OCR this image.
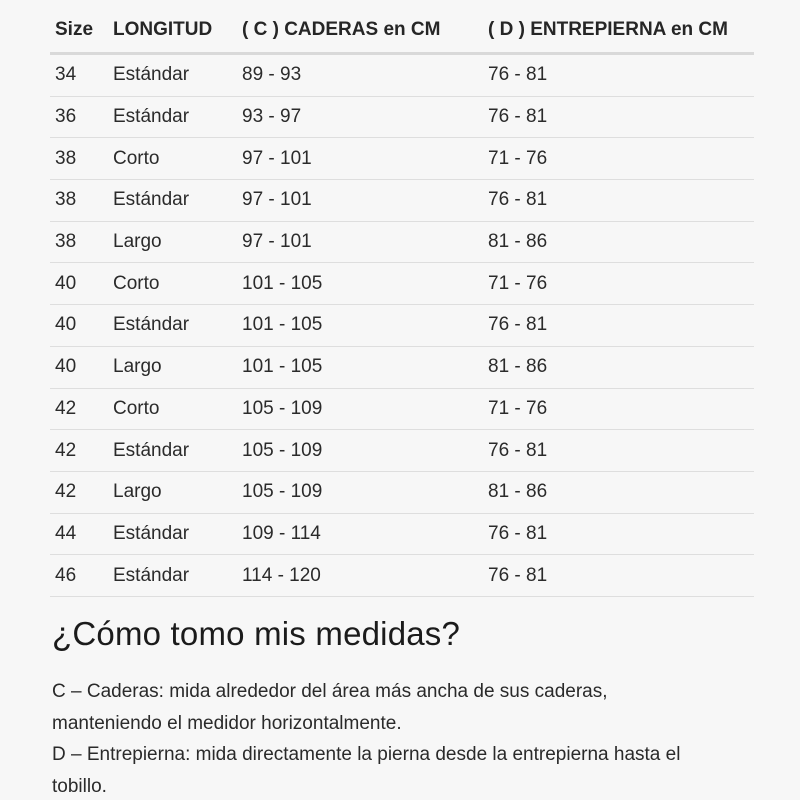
Size	LONGITUD	( C ) CADERAS en CM	( D ) ENTREPIERNA en CM
34	Estándar	89 - 93	76 - 81
36	Estándar	93 - 97	76 - 81
38	Corto	97 - 101	71 - 76
38	Estándar	97 - 101	76 - 81
38	Largo	97 - 101	81 - 86
40	Corto	101 - 105	71 - 76
40	Estándar	101 - 105	76 - 81
40	Largo	101 - 105	81 - 86
42	Corto	105 - 109	71 - 76
42	Estándar	105 - 109	76 - 81
42	Largo	105 - 109	81 - 86
44	Estándar	109 - 114	76 - 81
46	Estándar	114 - 120	76 - 81
¿Cómo tomo mis medidas?

C – Caderas: mida alrededor del área más ancha de sus caderas,
manteniendo el medidor horizontalmente.
D – Entrepierna: mida directamente la pierna desde la entrepierna hasta el
tobillo.
